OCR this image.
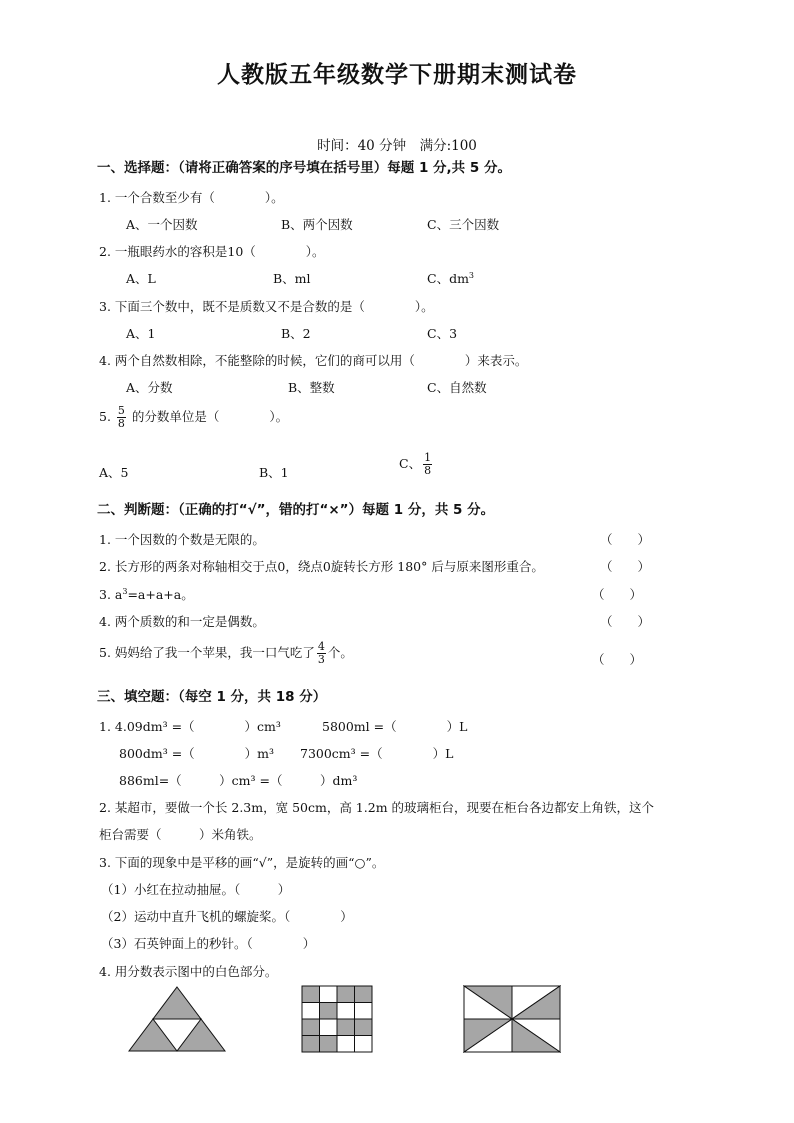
人教版五年级数学下册期末测试卷
时间：40 分钟　满分:100
一、选择题：（请将正确答案的序号填在括号里）每题 1 分,共 5 分。
1. 一个合数至少有（　　　　）。
A、一个因数	B、两个因数	C、三个因数
2. 一瓶眼药水的容积是10（　　　　）。
A、L	B、ml	C、$dm^3$
3. 下面三个数中，既不是质数又不是合数的是（　　　　）。
A、1	B、2	C、3
4. 两个自然数相除，不能整除的时候，它们的商可以用（　　　　）来表示。
A、分数	B、整数	C、自然数
5. $\frac{5}{8}$ 的分数单位是（　　　　）。
A、5	B、1
C、 $\frac{1}{8}$
二、判断题：（正确的打“√”，错的打“×”）每题 1 分，共 5 分。
1. 一个因数的个数是无限的。	（　　）
2. 长方形的两条对称轴相交于点0，绕点0旋转长方形 180° 后与原来图形重合。	（　　）
3. $a^3=a+a+a$。	（　　）
4. 两个质数的和一定是偶数。	（　　）
5. 妈妈给了我一个苹果，我一口气吃了 $\frac{4}{3}$ 个。	（　　）
三、填空题：（每空 1 分，共 18 分）
1. 4.09dm³ =（　　　　）cm³	5800ml =（　　　　）L
800dm³ =（　　　　）m³ 7300cm³ =（　　　　）L
886ml=（　　　）cm³ =（　　　）dm³
2. 某超市，要做一个长 2.3m，宽 50cm，高 1.2m 的玻璃柜台，现要在柜台各边都安上角铁，这个
柜台需要（　　　）米角铁。
3. 下面的现象中是平移的画“√”，是旋转的画“○”。
（1）小红在拉动抽屉。（　　　）
（2）运动中直升飞机的螺旋桨。（　　　　）
（3）石英钟面上的秒针。（　　　　）
4. 用分数表示图中的白色部分。
